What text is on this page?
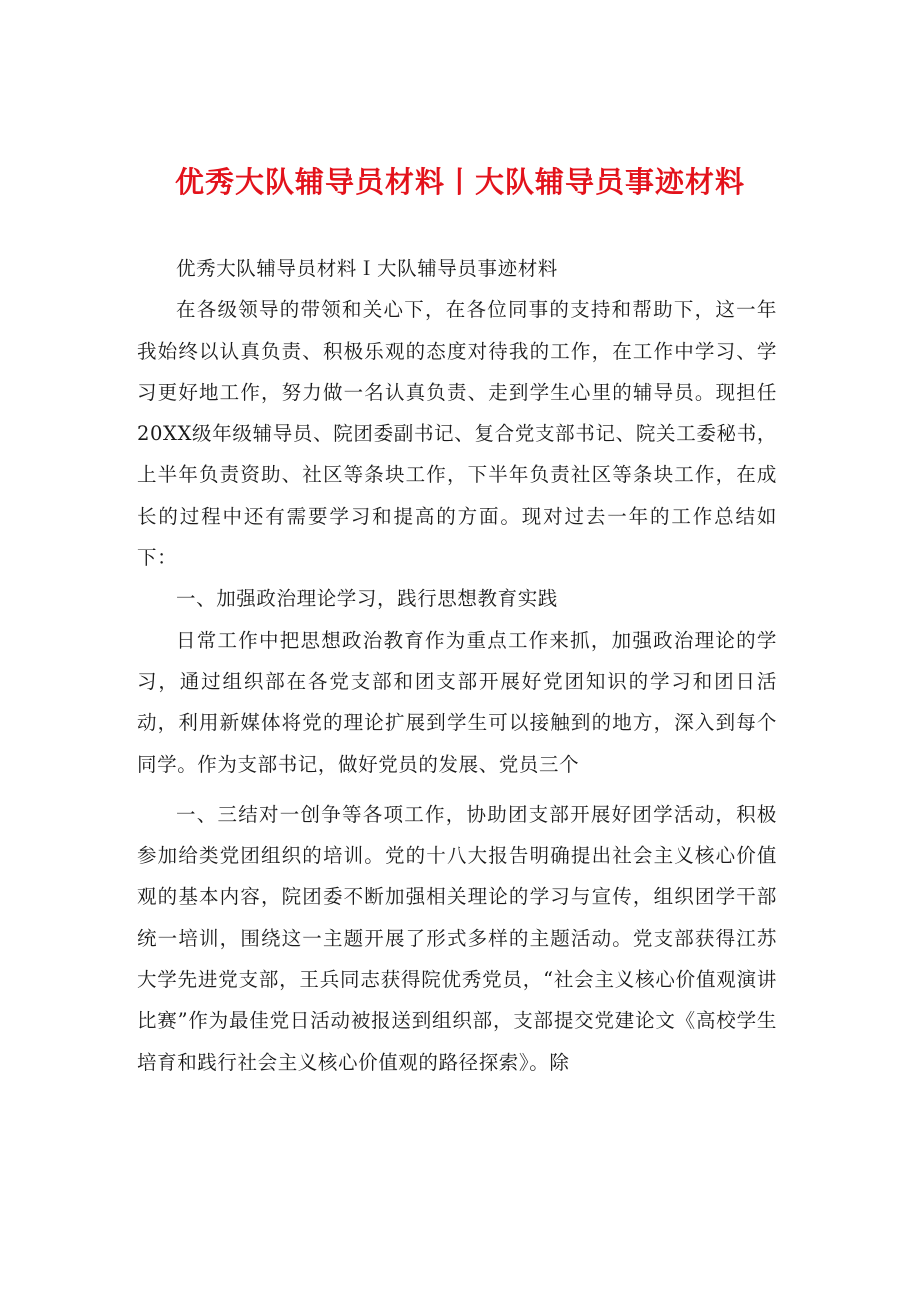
优秀大队辅导员材料丨大队辅导员事迹材料

优秀大队辅导员材料Ｉ大队辅导员事迹材料

在各级领导的带领和关心下，在各位同事的支持和帮助下，这一年我始终以认真负责、积极乐观的态度对待我的工作，在工作中学习、学习更好地工作，努力做一名认真负责、走到学生心里的辅导员。现担任20XX级年级辅导员、院团委副书记、复合党支部书记、院关工委秘书，上半年负责资助、社区等条块工作，下半年负责社区等条块工作，在成长的过程中还有需要学习和提高的方面。现对过去一年的工作总结如下：

一、加强政治理论学习，践行思想教育实践

日常工作中把思想政治教育作为重点工作来抓，加强政治理论的学习，通过组织部在各党支部和团支部开展好党团知识的学习和团日活动，利用新媒体将党的理论扩展到学生可以接触到的地方，深入到每个同学。作为支部书记，做好党员的发展、党员三个

一、三结对一创争等各项工作，协助团支部开展好团学活动，积极参加给类党团组织的培训。党的十八大报告明确提出社会主义核心价值观的基本内容，院团委不断加强相关理论的学习与宣传，组织团学干部统一培训，围绕这一主题开展了形式多样的主题活动。党支部获得江苏大学先进党支部，王兵同志获得院优秀党员，“社会主义核心价值观演讲比赛”作为最佳党日活动被报送到组织部，支部提交党建论文《高校学生培育和践行社会主义核心价值观的路径探索》。除
